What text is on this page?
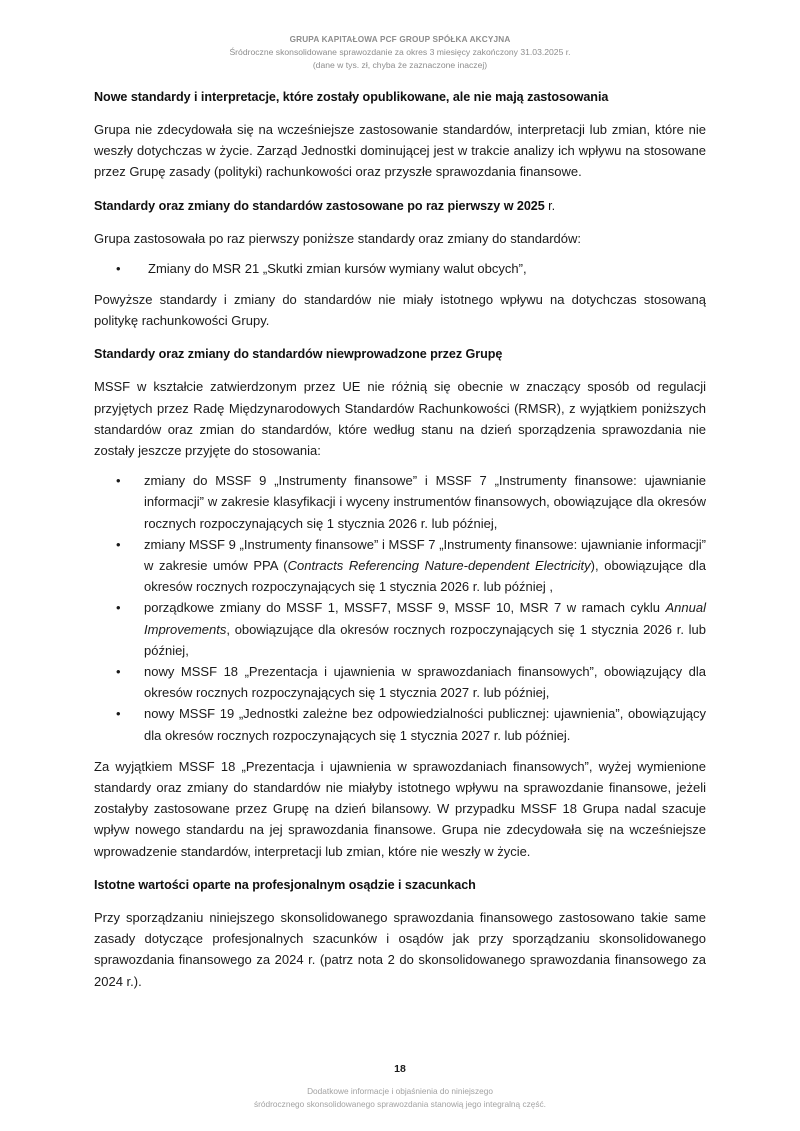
GRUPA KAPITAŁOWA PCF GROUP SPÓŁKA AKCYJNA
Śródroczne skonsolidowane sprawozdanie za okres 3 miesięcy zakończony 31.03.2025 r.
(dane w tys. zł, chyba że zaznaczone inaczej)
Nowe standardy i interpretacje, które zostały opublikowane, ale nie mają zastosowania

Grupa nie zdecydowała się na wcześniejsze zastosowanie standardów, interpretacji lub zmian, które nie weszły dotychczas w życie. Zarząd Jednostki dominującej jest w trakcie analizy ich wpływu na stosowane przez Grupę zasady (polityki) rachunkowości oraz przyszłe sprawozdania finansowe.

Standardy oraz zmiany do standardów zastosowane po raz pierwszy w 2025 r.

Grupa zastosowała po raz pierwszy poniższe standardy oraz zmiany do standardów:

• Zmiany do MSR 21 „Skutki zmian kursów wymiany walut obcych”,

Powyższe standardy i zmiany do standardów nie miały istotnego wpływu na dotychczas stosowaną politykę rachunkowości Grupy.

Standardy oraz zmiany do standardów niewprowadzone przez Grupę

MSSF w kształcie zatwierdzonym przez UE nie różnią się obecnie w znaczący sposób od regulacji przyjętych przez Radę Międzynarodowych Standardów Rachunkowości (RMSR), z wyjątkiem poniższych standardów oraz zmian do standardów, które według stanu na dzień sporządzenia sprawozdania nie zostały jeszcze przyjęte do stosowania:

• zmiany do MSSF 9 „Instrumenty finansowe” i MSSF 7 „Instrumenty finansowe: ujawnianie informacji” w zakresie klasyfikacji i wyceny instrumentów finansowych, obowiązujące dla okresów rocznych rozpoczynających się 1 stycznia 2026 r. lub później,
• zmiany MSSF 9 „Instrumenty finansowe” i MSSF 7 „Instrumenty finansowe: ujawnianie informacji” w zakresie umów PPA (Contracts Referencing Nature-dependent Electricity), obowiązujące dla okresów rocznych rozpoczynających się 1 stycznia 2026 r. lub później ,
• porządkowe zmiany do MSSF 1, MSSF7, MSSF 9, MSSF 10, MSR 7 w ramach cyklu Annual Improvements, obowiązujące dla okresów rocznych rozpoczynających się 1 stycznia 2026 r. lub później,
• nowy MSSF 18 „Prezentacja i ujawnienia w sprawozdaniach finansowych”, obowiązujący dla okresów rocznych rozpoczynających się 1 stycznia 2027 r. lub później,
• nowy MSSF 19 „Jednostki zależne bez odpowiedzialności publicznej: ujawnienia”, obowiązujący dla okresów rocznych rozpoczynających się 1 stycznia 2027 r. lub później.

Za wyjątkiem MSSF 18 „Prezentacja i ujawnienia w sprawozdaniach finansowych”, wyżej wymienione standardy oraz zmiany do standardów nie miałyby istotnego wpływu na sprawozdanie finansowe, jeżeli zostałyby zastosowane przez Grupę na dzień bilansowy. W przypadku MSSF 18 Grupa nadal szacuje wpływ nowego standardu na jej sprawozdania finansowe. Grupa nie zdecydowała się na wcześniejsze wprowadzenie standardów, interpretacji lub zmian, które nie weszły w życie.

Istotne wartości oparte na profesjonalnym osądzie i szacunkach

Przy sporządzaniu niniejszego skonsolidowanego sprawozdania finansowego zastosowano takie same zasady dotyczące profesjonalnych szacunków i osądów jak przy sporządzaniu skonsolidowanego sprawozdania finansowego za 2024 r. (patrz nota 2 do skonsolidowanego sprawozdania finansowego za 2024 r.).

18
Dodatkowe informacje i objaśnienia do niniejszego
śródrocznego skonsolidowanego sprawozdania stanowią jego integralną część.
